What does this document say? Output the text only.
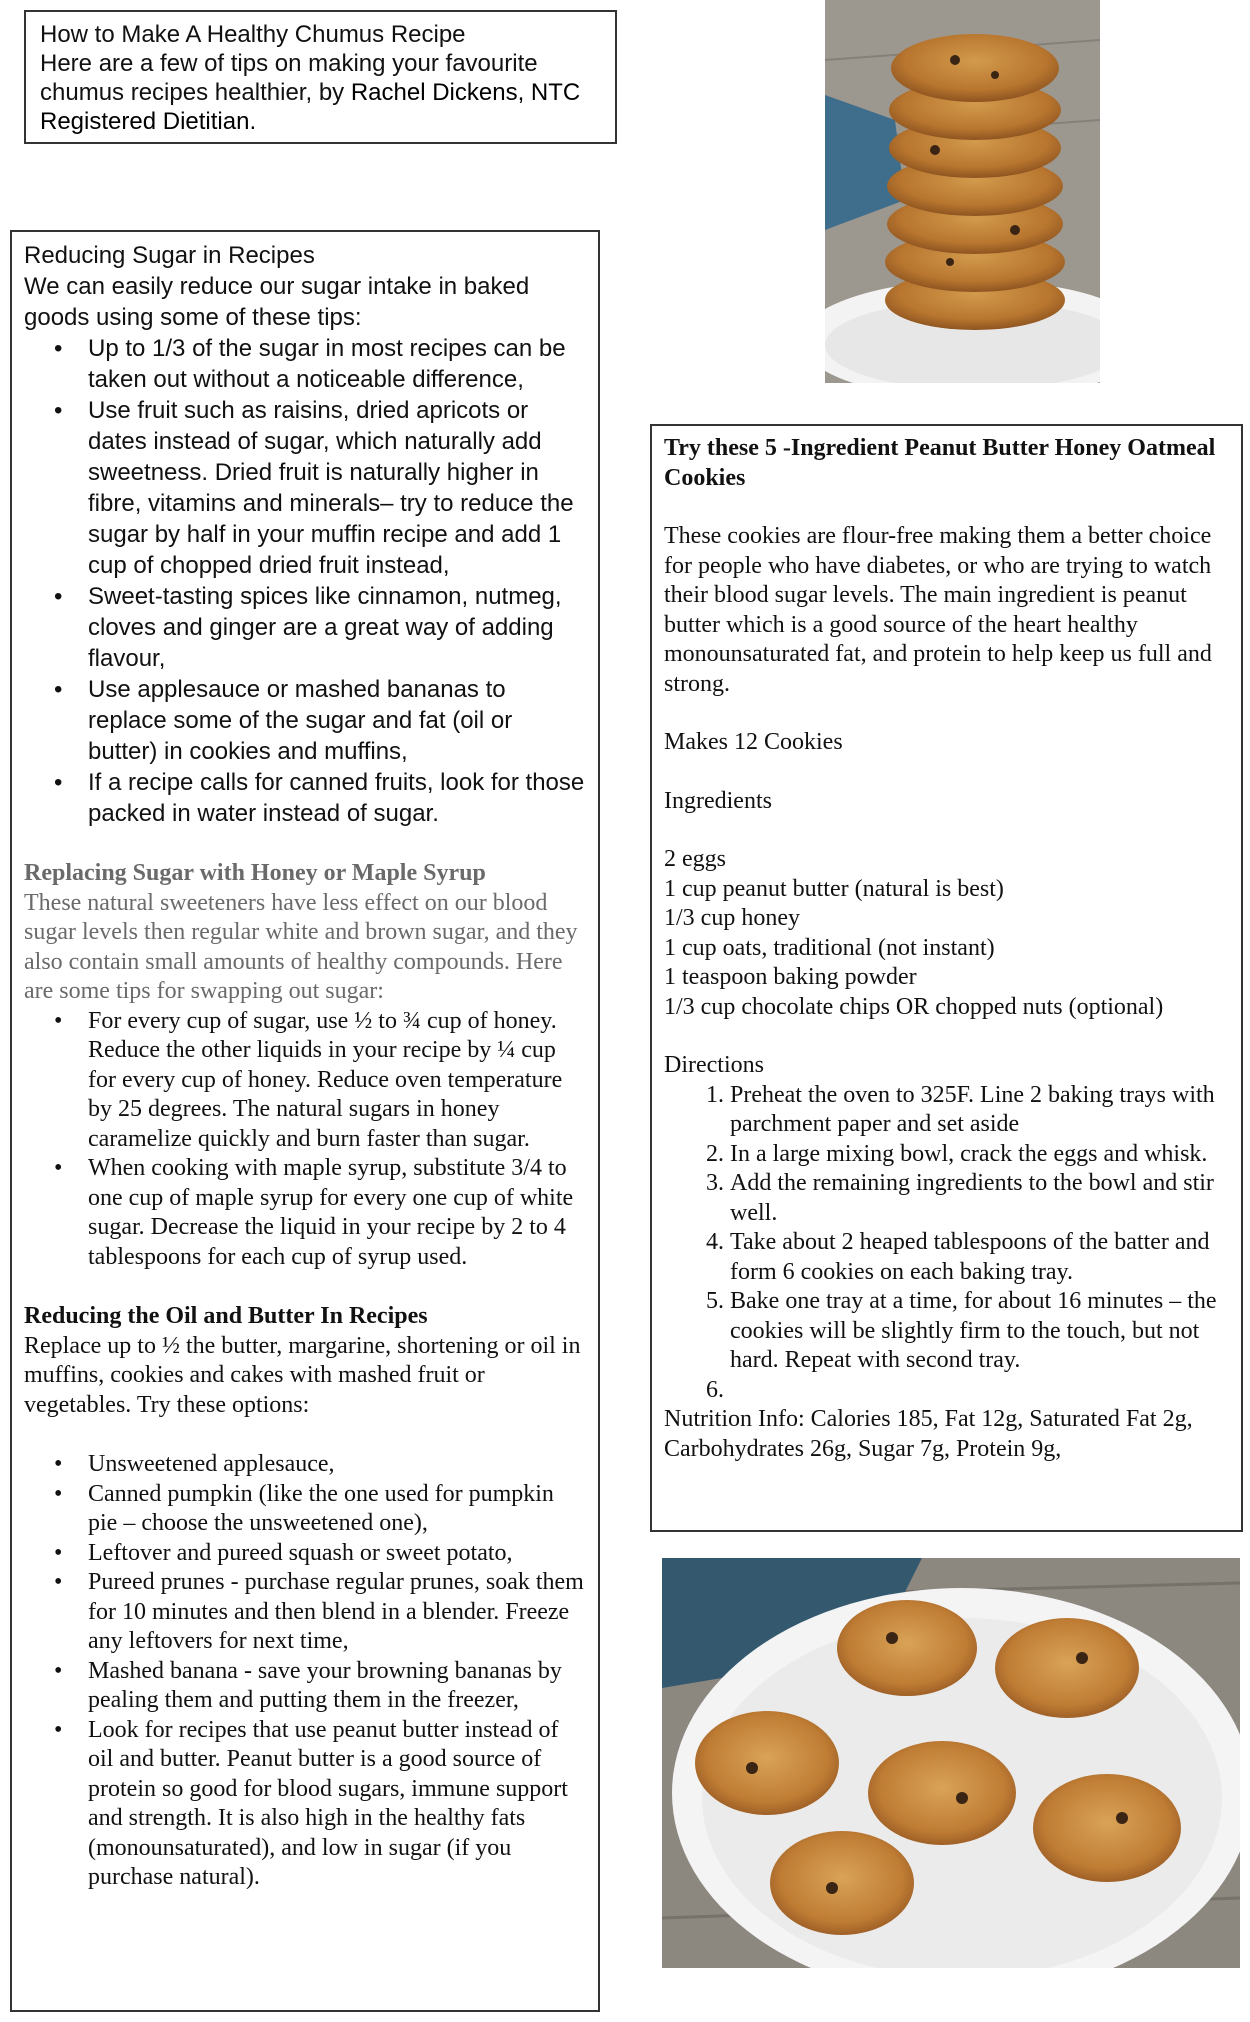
How to Make A Healthy Chumus Recipe
Here are a few of tips on making your favourite chumus recipes healthier, by Rachel Dickens, NTC Registered Dietitian.
Reducing Sugar in Recipes
We can easily reduce our sugar intake in baked goods using some of these tips:
• Up to 1/3 of the sugar in most recipes can be taken out without a noticeable difference,
• Use fruit such as raisins, dried apricots or dates instead of sugar, which naturally add sweetness. Dried fruit is naturally higher in fibre, vitamins and minerals– try to reduce the sugar by half in your muffin recipe and add 1 cup of chopped dried fruit instead,
• Sweet-tasting spices like cinnamon, nutmeg, cloves and ginger are a great way of adding flavour,
• Use applesauce or mashed bananas to replace some of the sugar and fat (oil or butter) in cookies and muffins,
• If a recipe calls for canned fruits, look for those packed in water instead of sugar.
Replacing Sugar with Honey or Maple Syrup
These natural sweeteners have less effect on our blood sugar levels then regular white and brown sugar, and they also contain small amounts of healthy compounds. Here are some tips for swapping out sugar:
• For every cup of sugar, use ½ to ¾ cup of honey. Reduce the other liquids in your recipe by ¼ cup for every cup of honey. Reduce oven temperature by 25 degrees. The natural sugars in honey caramelize quickly and burn faster than sugar.
• When cooking with maple syrup, substitute 3/4 to one cup of maple syrup for every one cup of white sugar. Decrease the liquid in your recipe by 2 to 4 tablespoons for each cup of syrup used.
Reducing the Oil and Butter In Recipes
Replace up to ½ the butter, margarine, shortening or oil in muffins, cookies and cakes with mashed fruit or vegetables. Try these options:
• Unsweetened applesauce,
• Canned pumpkin (like the one used for pumpkin pie – choose the unsweetened one),
• Leftover and pureed squash or sweet potato,
• Pureed prunes - purchase regular prunes, soak them for 10 minutes and then blend in a blender. Freeze any leftovers for next time,
• Mashed banana - save your browning bananas by pealing them and putting them in the freezer,
• Look for recipes that use peanut butter instead of oil and butter. Peanut butter is a good source of protein so good for blood sugars, immune support and strength. It is also high in the healthy fats (monounsaturated), and low in sugar (if you purchase natural).
Try these 5 -Ingredient Peanut Butter Honey Oatmeal Cookies
These cookies are flour-free making them a better choice for people who have diabetes, or who are trying to watch their blood sugar levels. The main ingredient is peanut butter which is a good source of the heart healthy monounsaturated fat, and protein to help keep us full and strong.
Makes 12 Cookies
Ingredients
2 eggs
1 cup peanut butter (natural is best)
1/3 cup honey
1 cup oats, traditional (not instant)
1 teaspoon baking powder
1/3 cup chocolate chips OR chopped nuts (optional)
Directions
1. Preheat the oven to 325F. Line 2 baking trays with parchment paper and set aside
2. In a large mixing bowl, crack the eggs and whisk.
3. Add the remaining ingredients to the bowl and stir well.
4. Take about 2 heaped tablespoons of the batter and form 6 cookies on each baking tray.
5. Bake one tray at a time, for about 16 minutes – the cookies will be slightly firm to the touch, but not hard. Repeat with second tray.
6.
Nutrition Info: Calories 185, Fat 12g, Saturated Fat 2g, Carbohydrates 26g, Sugar 7g, Protein 9g,
